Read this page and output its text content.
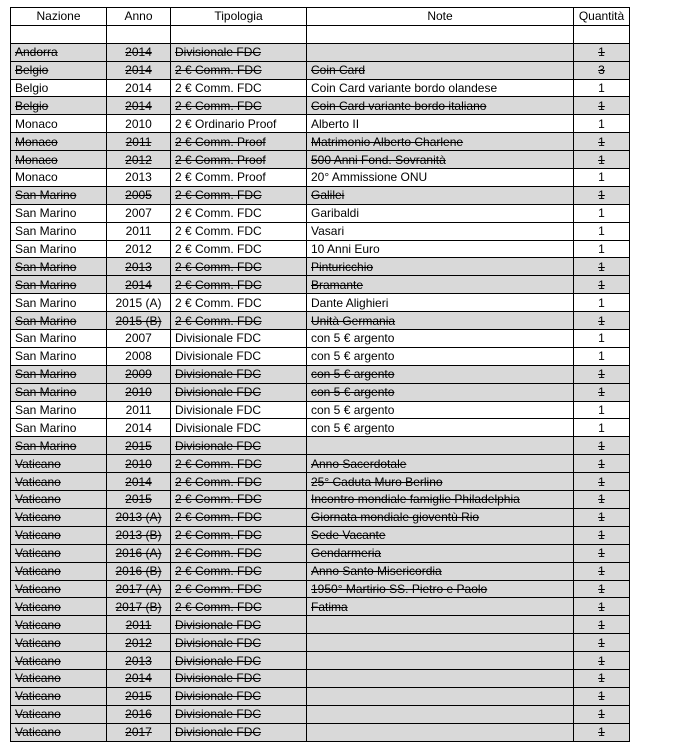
Nazione	Anno	Tipologia	Note	Quantità

Andorra	2014	Divisionale FDC		1
Belgio	2014	2 € Comm. FDC	Coin Card	3
Belgio	2014	2 € Comm. FDC	Coin Card variante bordo olandese	1
Belgio	2014	2 € Comm. FDC	Coin Card variante bordo italiano	1
Monaco	2010	2 € Ordinario Proof	Alberto II	1
Monaco	2011	2 € Comm. Proof	Matrimonio Alberto Charlene	1
Monaco	2012	2 € Comm. Proof	500 Anni Fond. Sovranità	1
Monaco	2013	2 € Comm. Proof	20° Ammissione ONU	1
San Marino	2005	2 € Comm. FDC	Galilei	1
San Marino	2007	2 € Comm. FDC	Garibaldi	1
San Marino	2011	2 € Comm. FDC	Vasari	1
San Marino	2012	2 € Comm. FDC	10 Anni Euro	1
San Marino	2013	2 € Comm. FDC	Pinturicchio	1
San Marino	2014	2 € Comm. FDC	Bramante	1
San Marino	2015 (A)	2 € Comm. FDC	Dante Alighieri	1
San Marino	2015 (B)	2 € Comm. FDC	Unità Germania	1
San Marino	2007	Divisionale FDC	con 5 € argento	1
San Marino	2008	Divisionale FDC	con 5 € argento	1
San Marino	2009	Divisionale FDC	con 5 € argento	1
San Marino	2010	Divisionale FDC	con 5 € argento	1
San Marino	2011	Divisionale FDC	con 5 € argento	1
San Marino	2014	Divisionale FDC	con 5 € argento	1
San Marino	2015	Divisionale FDC		1
Vaticano	2010	2 € Comm. FDC	Anno Sacerdotale	1
Vaticano	2014	2 € Comm. FDC	25° Caduta Muro Berlino	1
Vaticano	2015	2 € Comm. FDC	Incontro mondiale famiglie Philadelphia	1
Vaticano	2013 (A)	2 € Comm. FDC	Giornata mondiale gioventù Rio	1
Vaticano	2013 (B)	2 € Comm. FDC	Sede Vacante	1
Vaticano	2016 (A)	2 € Comm. FDC	Gendarmeria	1
Vaticano	2016 (B)	2 € Comm. FDC	Anno Santo Misericordia	1
Vaticano	2017 (A)	2 € Comm. FDC	1950° Martirio SS. Pietro e Paolo	1
Vaticano	2017 (B)	2 € Comm. FDC	Fatima	1
Vaticano	2011	Divisionale FDC		1
Vaticano	2012	Divisionale FDC		1
Vaticano	2013	Divisionale FDC		1
Vaticano	2014	Divisionale FDC		1
Vaticano	2015	Divisionale FDC		1
Vaticano	2016	Divisionale FDC		1
Vaticano	2017	Divisionale FDC		1
